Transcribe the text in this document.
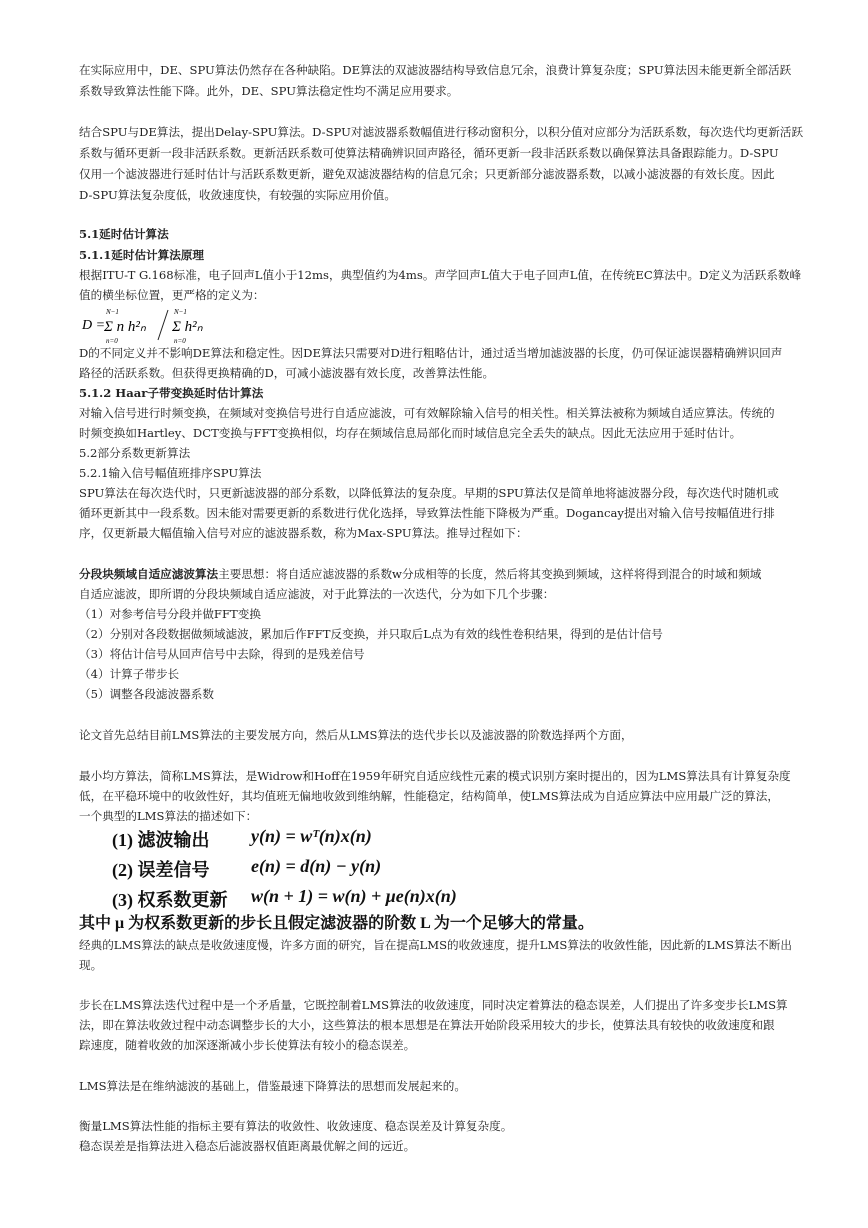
在实际应用中，DE、SPU算法仍然存在各种缺陷。DE算法的双滤波器结构导致信息冗余，浪费计算复杂度；SPU算法因未能更新全部活跃
系数导致算法性能下降。此外，DE、SPU算法稳定性均不满足应用要求。
结合SPU与DE算法，提出Delay-SPU算法。D-SPU对滤波器系数幅值进行移动窗积分，以积分值对应部分为活跃系数，每次迭代均更新活跃
系数与循环更新一段非活跃系数。更新活跃系数可使算法精确辨识回声路径，循环更新一段非活跃系数以确保算法具备跟踪能力。D-SPU
仅用一个滤波器进行延时估计与活跃系数更新，避免双滤波器结构的信息冗余；只更新部分滤波器系数，以减小滤波器的有效长度。因此
D-SPU算法复杂度低，收敛速度快，有较强的实际应用价值。
5.1延时估计算法
5.1.1延时估计算法原理
根据ITU-T G.168标准，电子回声L值小于12ms，典型值约为4ms。声学回声L值大于电子回声L值，在传统EC算法中。D定义为活跃系数峰
值的横坐标位置，更严格的定义为：
D =
N−1
n=0
Σ n h²ₙ
N−1
n=0
Σ h²ₙ
D的不同定义并不影响DE算法和稳定性。因DE算法只需要对D进行粗略估计，通过适当增加滤波器的长度，仍可保证滤误器精确辨识回声
路径的活跃系数。但获得更换精确的D，可减小滤波器有效长度，改善算法性能。
5.1.2 Haar子带变换延时估计算法
对输入信号进行时频变换，在频域对变换信号进行自适应滤波，可有效解除输入信号的相关性。相关算法被称为频域自适应算法。传统的
时频变换如Hartley、DCT变换与FFT变换相似，均存在频域信息局部化而时域信息完全丢失的缺点。因此无法应用于延时估计。
5.2部分系数更新算法
5.2.1输入信号幅值班排序SPU算法
SPU算法在每次迭代时，只更新滤波器的部分系数，以降低算法的复杂度。早期的SPU算法仅是简单地将滤波器分段，每次迭代时随机或
循环更新其中一段系数。因未能对需要更新的系数进行优化选择，导致算法性能下降极为严重。Dogancay提出对输入信号按幅值进行排
序，仅更新最大幅值输入信号对应的滤波器系数，称为Max-SPU算法。推导过程如下：
分段块频域自适应滤波算法主要思想：将自适应滤波器的系数w分成相等的长度，然后将其变换到频域，这样将得到混合的时域和频域
自适应滤波，即所谓的分段块频域自适应滤波，对于此算法的一次迭代，分为如下几个步骤：
（1）对参考信号分段并做FFT变换
（2）分别对各段数据做频域滤波，累加后作FFT反变换，并只取后L点为有效的线性卷积结果，得到的是估计信号
（3）将估计信号从回声信号中去除，得到的是残差信号
（4）计算子带步长
（5）调整各段滤波器系数
论文首先总结目前LMS算法的主要发展方向，然后从LMS算法的迭代步长以及滤波器的阶数选择两个方面，
最小均方算法，简称LMS算法，是Widrow和Hoff在1959年研究自适应线性元素的模式识别方案时提出的，因为LMS算法具有计算复杂度
低，在平稳环境中的收敛性好，其均值班无偏地收敛到维纳解，性能稳定，结构简单，使LMS算法成为自适应算法中应用最广泛的算法，
一个典型的LMS算法的描述如下：
(1) 滤波输出 y(n) = wᵀ(n)x(n)
(2) 误差信号 e(n) = d(n) − y(n)
(3) 权系数更新 w(n + 1) = w(n) + μe(n)x(n)
其中 μ 为权系数更新的步长且假定滤波器的阶数 L 为一个足够大的常量。
经典的LMS算法的缺点是收敛速度慢，许多方面的研究，旨在提高LMS的收敛速度，提升LMS算法的收敛性能，因此新的LMS算法不断出
现。
步长在LMS算法迭代过程中是一个矛盾量，它既控制着LMS算法的收敛速度，同时决定着算法的稳态误差，人们提出了许多变步长LMS算
法，即在算法收敛过程中动态调整步长的大小，这些算法的根本思想是在算法开始阶段采用较大的步长，使算法具有较快的收敛速度和跟
踪速度，随着收敛的加深逐渐减小步长使算法有较小的稳态误差。
LMS算法是在维纳滤波的基础上，借鉴最速下降算法的思想而发展起来的。
衡量LMS算法性能的指标主要有算法的收敛性、收敛速度、稳态误差及计算复杂度。
稳态误差是指算法进入稳态后滤波器权值距离最优解之间的远近。
